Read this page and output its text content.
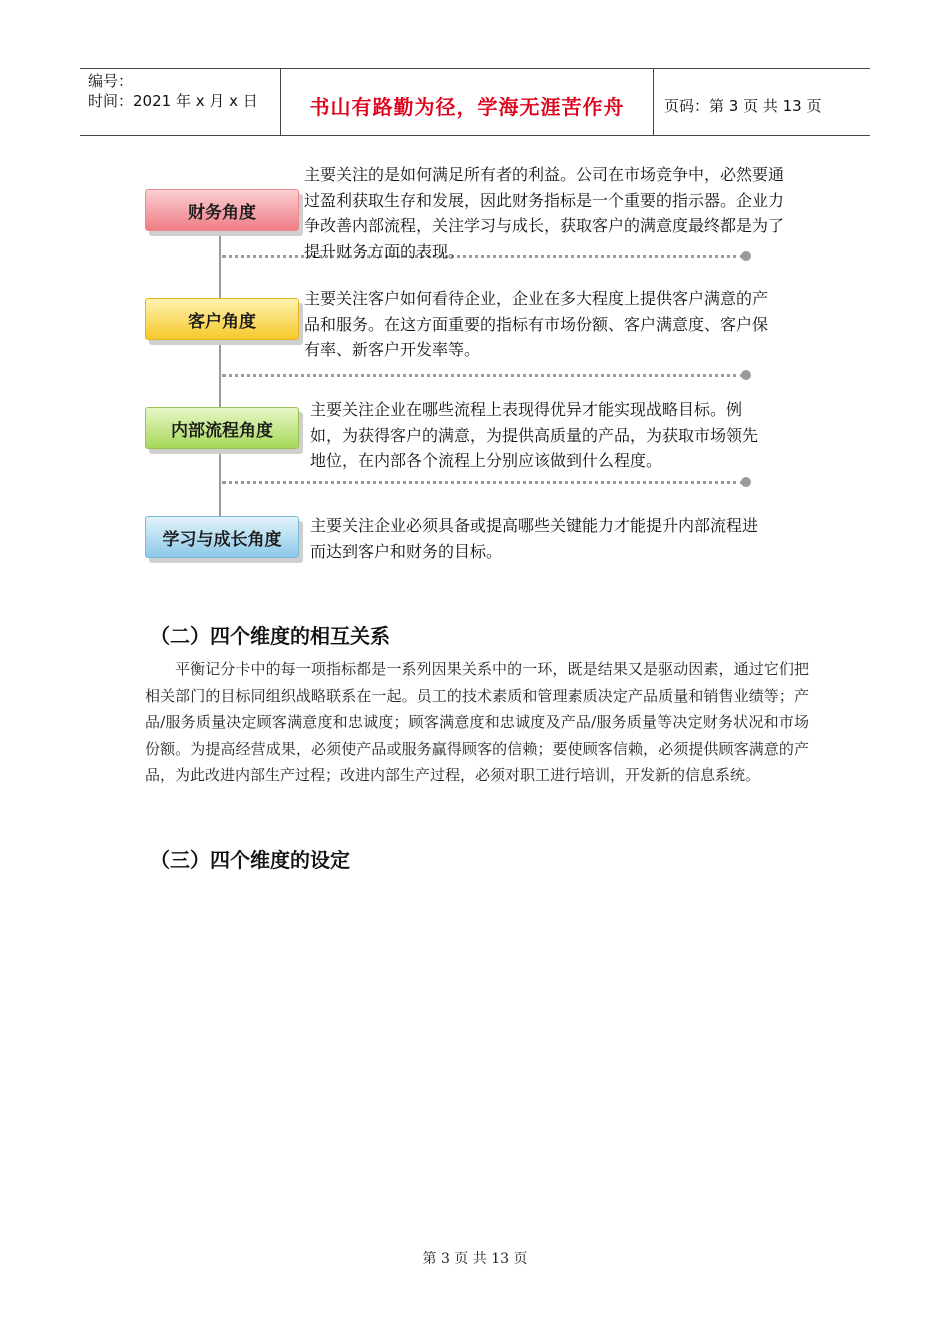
编号：
时间：2021 年 x 月 x 日	书山有路勤为径，学海无涯苦作舟	页码：第 3 页 共 13 页
财务角度
主要关注的是如何满足所有者的利益。公司在市场竞争中，必然要通过盈利获取生存和发展，因此财务指标是一个重要的指示器。企业力争改善内部流程，关注学习与成长，获取客户的满意度最终都是为了提升财务方面的表现。
客户角度
主要关注客户如何看待企业，企业在多大程度上提供客户满意的产品和服务。在这方面重要的指标有市场份额、客户满意度、客户保有率、新客户开发率等。
内部流程角度
主要关注企业在哪些流程上表现得优异才能实现战略目标。例如，为获得客户的满意，为提供高质量的产品，为获取市场领先地位，在内部各个流程上分别应该做到什么程度。
学习与成长角度
主要关注企业必须具备或提高哪些关键能力才能提升内部流程进而达到客户和财务的目标。
（二）四个维度的相互关系
平衡记分卡中的每一项指标都是一系列因果关系中的一环，既是结果又是驱动因素，通过它们把相关部门的目标同组织战略联系在一起。员工的技术素质和管理素质决定产品质量和销售业绩等；产品/服务质量决定顾客满意度和忠诚度；顾客满意度和忠诚度及产品/服务质量等决定财务状况和市场份额。为提高经营成果，必须使产品或服务赢得顾客的信赖；要使顾客信赖，必须提供顾客满意的产品，为此改进内部生产过程；改进内部生产过程，必须对职工进行培训，开发新的信息系统。
（三）四个维度的设定
第 3 页 共 13 页
